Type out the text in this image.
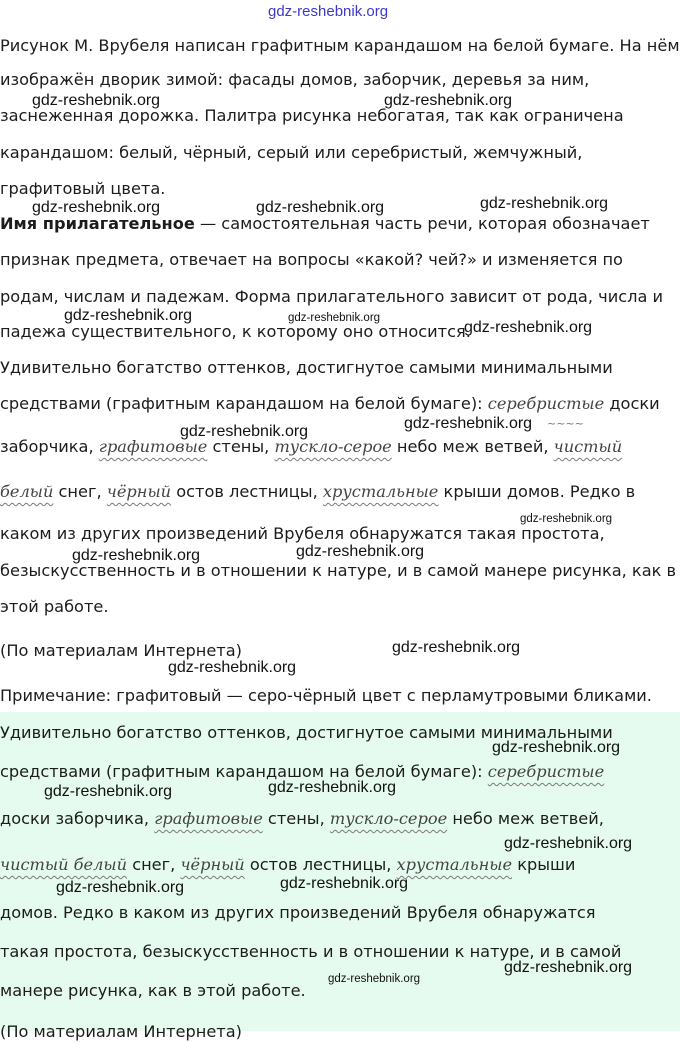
gdz-reshebnik.org

Рисунок М. Врубеля написан графитным карандашом на белой бумаге. На нём

изображён дворик зимой: фасады домов, заборчик, деревья за ним,

заснеженная дорожка. Палитра рисунка небогатая, так как ограничена

карандашом: белый, чёрный, серый или серебристый, жемчужный,

графитовый цвета.

Имя прилагательное — самостоятельная часть речи, которая обозначает

признак предмета, отвечает на вопросы «какой? чей?» и изменяется по

родам, числам и падежам. Форма прилагательного зависит от рода, числа и

падежа существительного, к которому оно относится.

Удивительно богатство оттенков, достигнутое самыми минимальными

средствами (графитным карандашом на белой бумаге): серебристые доски

заборчика, графитовые стены, тускло-серое небо меж ветвей, чистый

белый снег, чёрный остов лестницы, хрустальные крыши домов. Редко в

~~~~

каком из других произведений Врубеля обнаружатся такая простота,

безыскусственность и в отношении к натуре, и в самой манере рисунка, как в

этой работе.

(По материалам Интернета)

Примечание: графитовый — серо-чёрный цвет с перламутровыми бликами.

Удивительно богатство оттенков, достигнутое самыми минимальными

средствами (графитным карандашом на белой бумаге): серебристые

доски заборчика, графитовые стены, тускло-серое небо меж ветвей,

чистый белый снег, чёрный остов лестницы, хрустальные крыши

домов. Редко в каком из других произведений Врубеля обнаружатся

такая простота, безыскусственность и в отношении к натуре, и в самой

манере рисунка, как в этой работе.

(По материалам Интернета)

gdz-reshebnik.org	gdz-reshebnik.org
gdz-reshebnik.org	gdz-reshebnik.org	gdz-reshebnik.org
gdz-reshebnik.org	gdz-reshebnik.org
gdz-reshebnik.org
gdz-reshebnik.org	gdz-reshebnik.org
gdz-reshebnik.org
gdz-reshebnik.org	gdz-reshebnik.org
gdz-reshebnik.org
gdz-reshebnik.org
gdz-reshebnik.org
gdz-reshebnik.org	gdz-reshebnik.org
gdz-reshebnik.org
gdz-reshebnik.org	gdz-reshebnik.org
gdz-reshebnik.org
gdz-reshebnik.org
